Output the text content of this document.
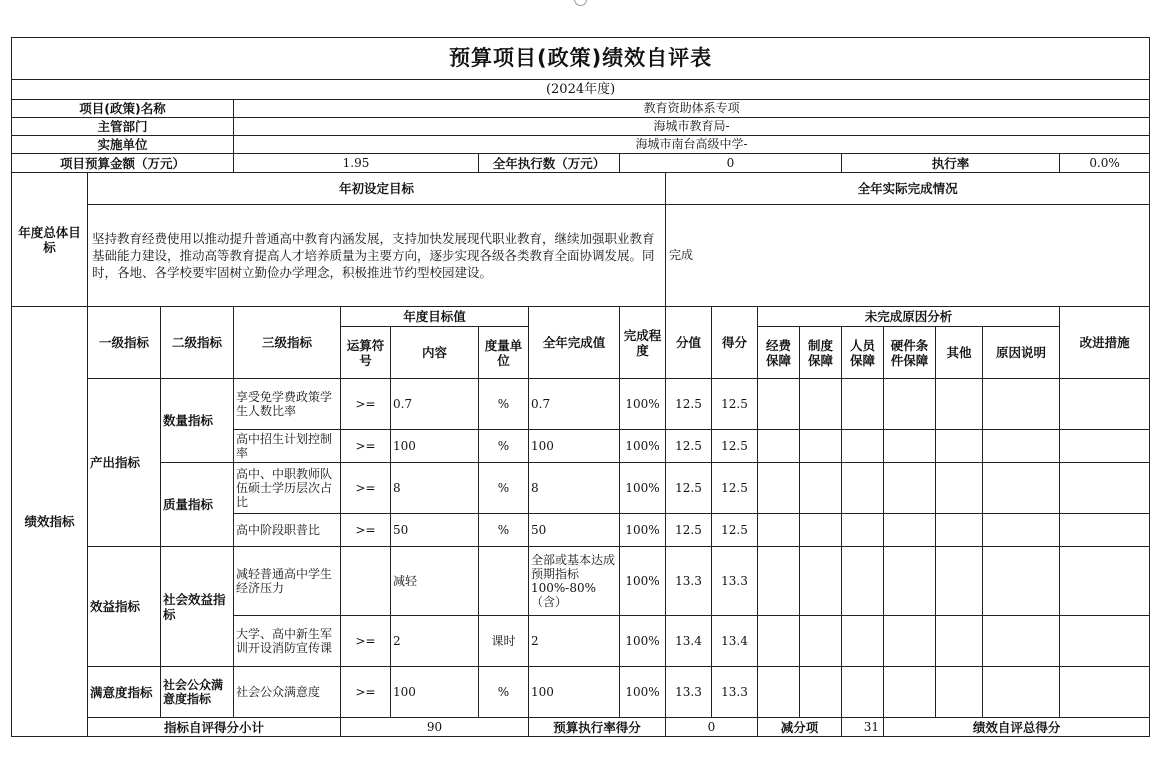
预算项目(政策)绩效自评表																		
(2024年度)																		
项目(政策)名称			教育资助体系专项															
主管部门			海城市教育局-															
实施单位			海城市南台高级中学-															
项目预算金额（万元）			1.95			全年执行数（万元）		0					执行率				0.0%	
年度总体目标	年初设定目标								全年实际完成情况									
	坚持教育经费使用以推动提升普通高中教育内涵发展，支持加快发展现代职业教育，继续加强职业教育基础能力建设，推动高等教育提高人才培养质量为主要方向，逐步实现各级各类教育全面协调发展。同时，各地、各学校要牢固树立勤俭办学理念，积极推进节约型校园建设。								完成									
绩效指标	一级指标	二级指标	三级指标	年度目标值			全年完成值	完成程度	分值	得分	未完成原因分析						改进措施	
				运算符号	内容	度量单位					经费保障	制度保障	人员保障	硬件条件保障	其他	原因说明		
	产出指标	数量指标	享受免学费政策学生人数比率	>=	0.7	%	0.7	100%	12.5	12.5								
			高中招生计划控制率	>=	100	%	100	100%	12.5	12.5								
		质量指标	高中、中职教师队伍硕士学历层次占比	>=	8	%	8	100%	12.5	12.5								
			高中阶段职普比	>=	50	%	50	100%	12.5	12.5								
	效益指标	社会效益指标	减轻普通高中学生经济压力		减轻		全部或基本达成预期指标100%-80%（含）	100%	13.3	13.3								
			大学、高中新生军训开设消防宣传课	>=	2	课时	2	100%	13.4	13.4								
	满意度指标	社会公众满意度指标	社会公众满意度	>=	100	%	100	100%	13.3	13.3								
	指标自评得分小计			90			预算执行率得分		0		减分项		31	绩效自评总得分	
